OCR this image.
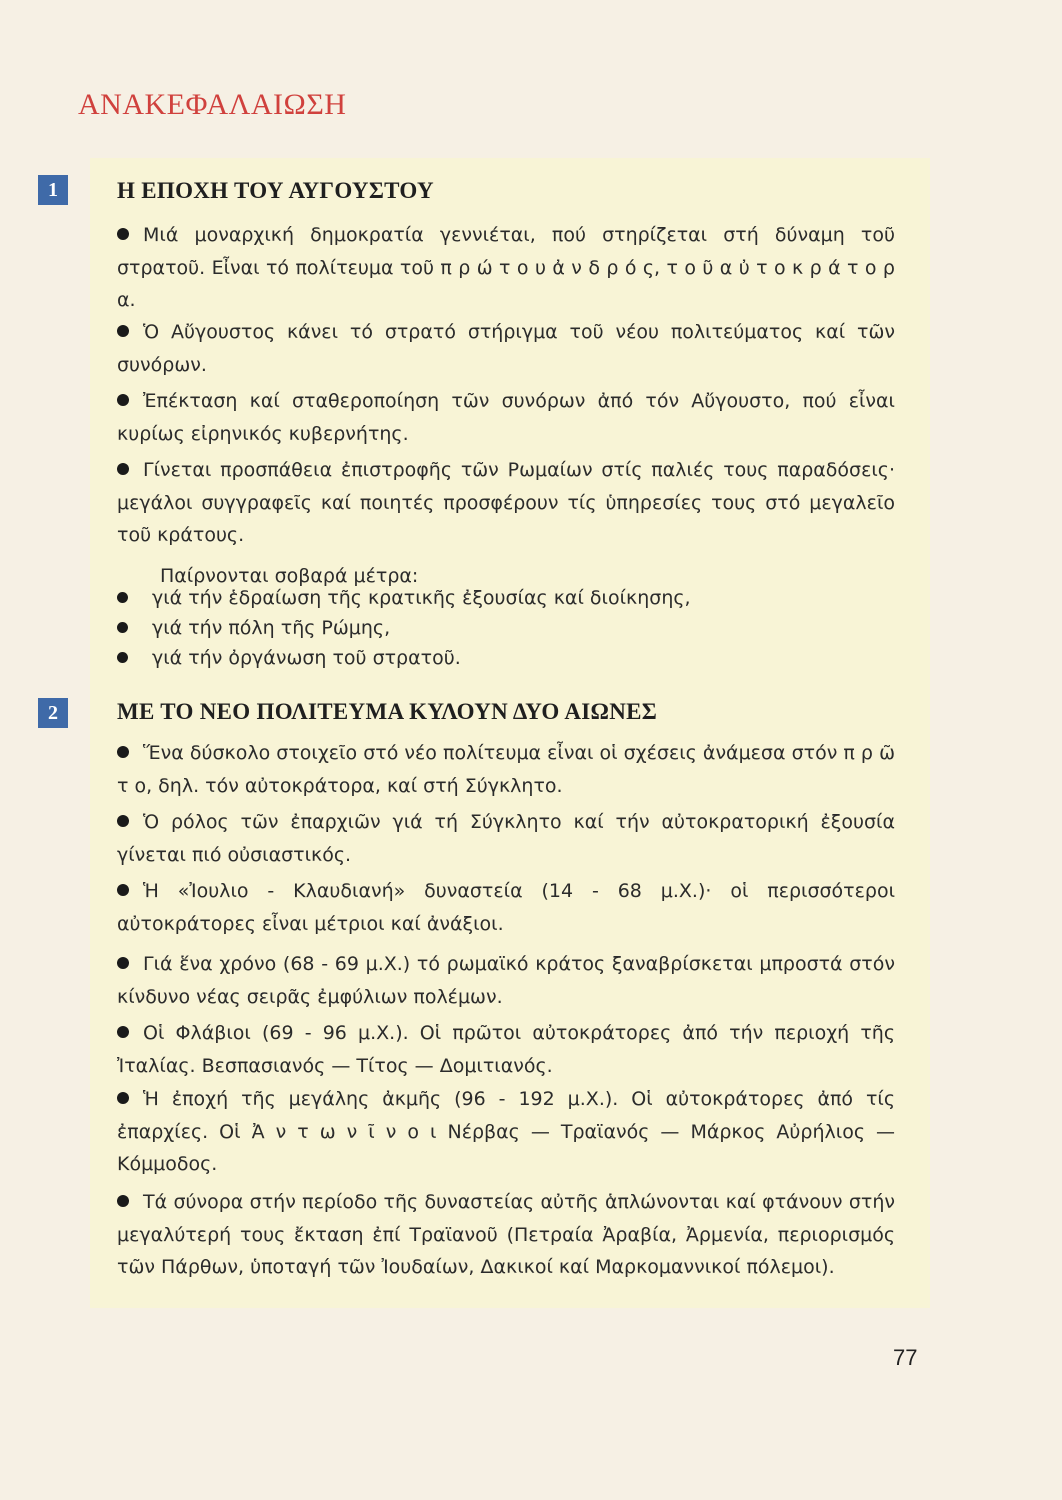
ΑΝΑΚΕΦΑΛΑΙΩΣΗ
1	Η ΕΠΟΧΗ ΤΟΥ ΑΥΓΟΥΣΤΟΥ
Μιά μοναρχική δημοκρατία γεννιέται, πού στηρίζεται στή δύναμη τοῦ στρατοῦ. Εἶναι τό πολίτευμα τοῦ π ρ ώ τ ο υ ἀ ν δ ρ ό ς, τ ο ῦ α ὐ τ ο κ ρ ά τ ο ρ α.
Ὁ Αὔγουστος κάνει τό στρατό στήριγμα τοῦ νέου πολιτεύματος καί τῶν συνόρων.
Ἐπέκταση καί σταθεροποίηση τῶν συνόρων ἀπό τόν Αὔγουστο, πού εἶναι κυρίως εἰρηνικός κυβερνήτης.
Γίνεται προσπάθεια ἐπιστροφῆς τῶν Ρωμαίων στίς παλιές τους παραδόσεις· μεγάλοι συγγραφεῖς καί ποιητές προσφέρουν τίς ὑπηρεσίες τους στό μεγαλεῖο τοῦ κράτους.
Παίρνονται σοβαρά μέτρα:
γιά τήν ἑδραίωση τῆς κρατικῆς ἐξουσίας καί διοίκησης,
γιά τήν πόλη τῆς Ρώμης,
γιά τήν ὀργάνωση τοῦ στρατοῦ.
2	ΜΕ ΤΟ ΝΕΟ ΠΟΛΙΤΕΥΜΑ ΚΥΛΟΥΝ ΔΥΟ ΑΙΩΝΕΣ
Ἕνα δύσκολο στοιχεῖο στό νέο πολίτευμα εἶναι οἱ σχέσεις ἀνάμεσα στόν π ρ ῶ τ ο, δηλ. τόν αὐτοκράτορα, καί στή Σύγκλητο.
Ὁ ρόλος τῶν ἐπαρχιῶν γιά τή Σύγκλητο καί τήν αὐτοκρατορική ἐξουσία γίνεται πιό οὐσιαστικός.
Ἡ «Ἰουλιο - Κλαυδιανή» δυναστεία (14 - 68 μ.Χ.)· οἱ περισσότεροι αὐτοκράτορες εἶναι μέτριοι καί ἀνάξιοι.
Γιά ἕνα χρόνο (68 - 69 μ.Χ.) τό ρωμαϊκό κράτος ξαναβρίσκεται μπροστά στόν κίνδυνο νέας σειρᾶς ἐμφύλιων πολέμων.
Οἱ Φλάβιοι (69 - 96 μ.Χ.). Οἱ πρῶτοι αὐτοκράτορες ἀπό τήν περιοχή τῆς Ἰταλίας. Βεσπασιανός — Τίτος — Δομιτιανός.
Ἡ ἐποχή τῆς μεγάλης ἀκμῆς (96 - 192 μ.Χ.). Οἱ αὐτοκράτορες ἀπό τίς ἐπαρχίες. Οἱ Ἀ ν τ ω ν ῖ ν ο ι Νέρβας — Τραϊανός — Μάρκος Αὐρήλιος — Κόμμοδος.
Τά σύνορα στήν περίοδο τῆς δυναστείας αὐτῆς ἁπλώνονται καί φτάνουν στήν μεγαλύτερή τους ἔκταση ἐπί Τραϊανοῦ (Πετραία Ἀραβία, Ἀρμενία, περιορισμός τῶν Πάρθων, ὑποταγή τῶν Ἰουδαίων, Δακικοί καί Μαρκομαννικοί πόλεμοι).
77
